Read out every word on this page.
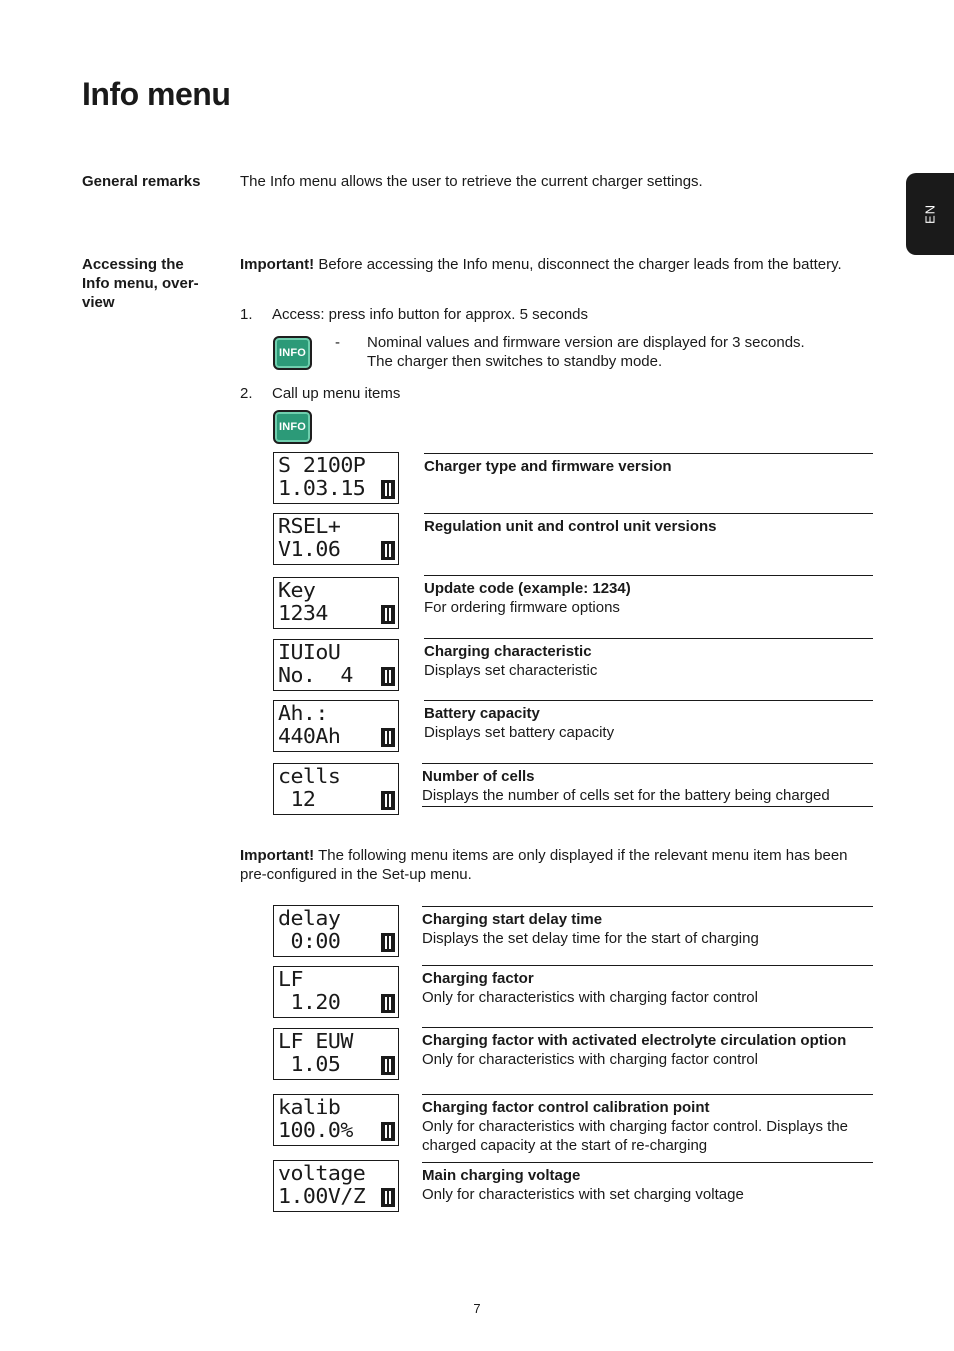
Info menu
EN
General remarks	The Info menu allows the user to retrieve the current charger settings.
Accessing the
Info menu, over-
view
Important! Before accessing the Info menu, disconnect the charger leads from the battery.
1. Access: press info button for approx. 5 seconds
INFO
- Nominal values and firmware version are displayed for 3 seconds.
The charger then switches to standby mode.
2. Call up menu items
INFO
S 2100P
1.03.15
Charger type and firmware version
RSEL+
V1.06
Regulation unit and control unit versions
Key
1234
Update code (example: 1234)
For ordering firmware options
IUIoU
No.  4
Charging characteristic
Displays set characteristic
Ah.:
440Ah
Battery capacity
Displays set battery capacity
cells
12
Number of cells
Displays the number of cells set for the battery being charged
Important! The following menu items are only displayed if the relevant menu item has been pre-configured in the Set-up menu.
delay
0:00
Charging start delay time
Displays the set delay time for the start of charging
LF
1.20
Charging factor
Only for characteristics with charging factor control
LF EUW
1.05
Charging factor with activated electrolyte circulation option
Only for characteristics with charging factor control
kalib
100.0%
Charging factor control calibration point
Only for characteristics with charging factor control. Displays the charged capacity at the start of re-charging
voltage
1.00V/Z
Main charging voltage
Only for characteristics with set charging voltage
7
